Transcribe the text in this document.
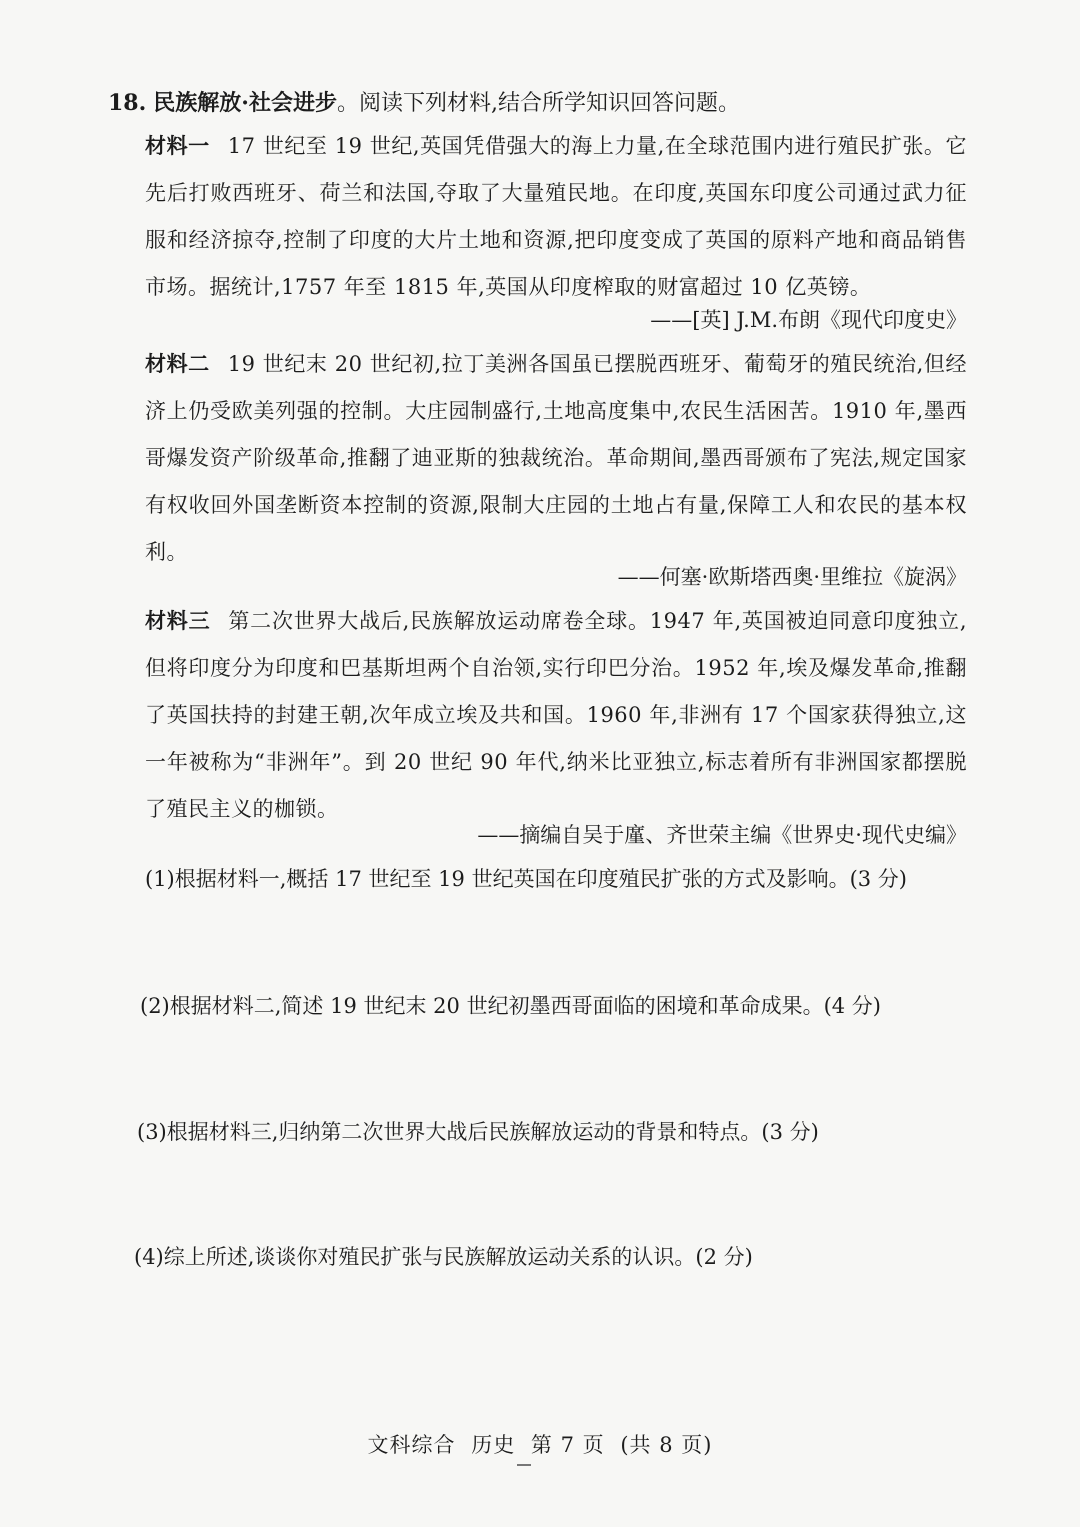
18. 民族解放·社会进步。阅读下列材料,结合所学知识回答问题。
材料一 17 世纪至 19 世纪,英国凭借强大的海上力量,在全球范围内进行殖民扩张。它先后打败西班牙、荷兰和法国,夺取了大量殖民地。在印度,英国东印度公司通过武力征服和经济掠夺,控制了印度的大片土地和资源,把印度变成了英国的原料产地和商品销售市场。据统计,1757 年至 1815 年,英国从印度榨取的财富超过 10 亿英镑。
——[英] J.M.布朗《现代印度史》
材料二 19 世纪末 20 世纪初,拉丁美洲各国虽已摆脱西班牙、葡萄牙的殖民统治,但经济上仍受欧美列强的控制。大庄园制盛行,土地高度集中,农民生活困苦。1910 年,墨西哥爆发资产阶级革命,推翻了迪亚斯的独裁统治。革命期间,墨西哥颁布了宪法,规定国家有权收回外国垄断资本控制的资源,限制大庄园的土地占有量,保障工人和农民的基本权利。
——何塞·欧斯塔西奥·里维拉《旋涡》
材料三 第二次世界大战后,民族解放运动席卷全球。1947 年,英国被迫同意印度独立,但将印度分为印度和巴基斯坦两个自治领,实行印巴分治。1952 年,埃及爆发革命,推翻了英国扶持的封建王朝,次年成立埃及共和国。1960 年,非洲有 17 个国家获得独立,这一年被称为“非洲年”。到 20 世纪 90 年代,纳米比亚独立,标志着所有非洲国家都摆脱了殖民主义的枷锁。
——摘编自吴于廑、齐世荣主编《世界史·现代史编》
(1)根据材料一,概括 17 世纪至 19 世纪英国在印度殖民扩张的方式及影响。(3 分)
(2)根据材料二,简述 19 世纪末 20 世纪初墨西哥面临的困境和革命成果。(4 分)
(3)根据材料三,归纳第二次世界大战后民族解放运动的背景和特点。(3 分)
(4)综上所述,谈谈你对殖民扩张与民族解放运动关系的认识。(2 分)
文科综合 历史 第 7 页 (共 8 页)
